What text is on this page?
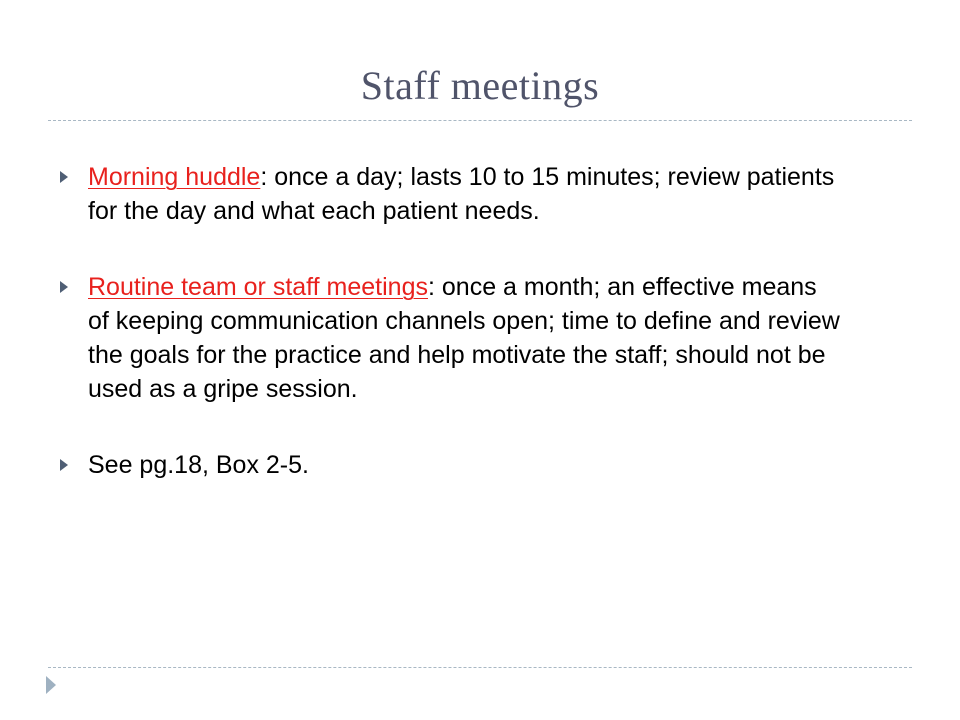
Staff meetings
Morning huddle: once a day; lasts 10 to 15 minutes; review patients for the day and what each patient needs.
Routine team or staff meetings: once a month; an effective means of keeping communication channels open; time to define and review the goals for the practice and help motivate the staff; should not be used as a gripe session.
See pg.18, Box 2-5.
